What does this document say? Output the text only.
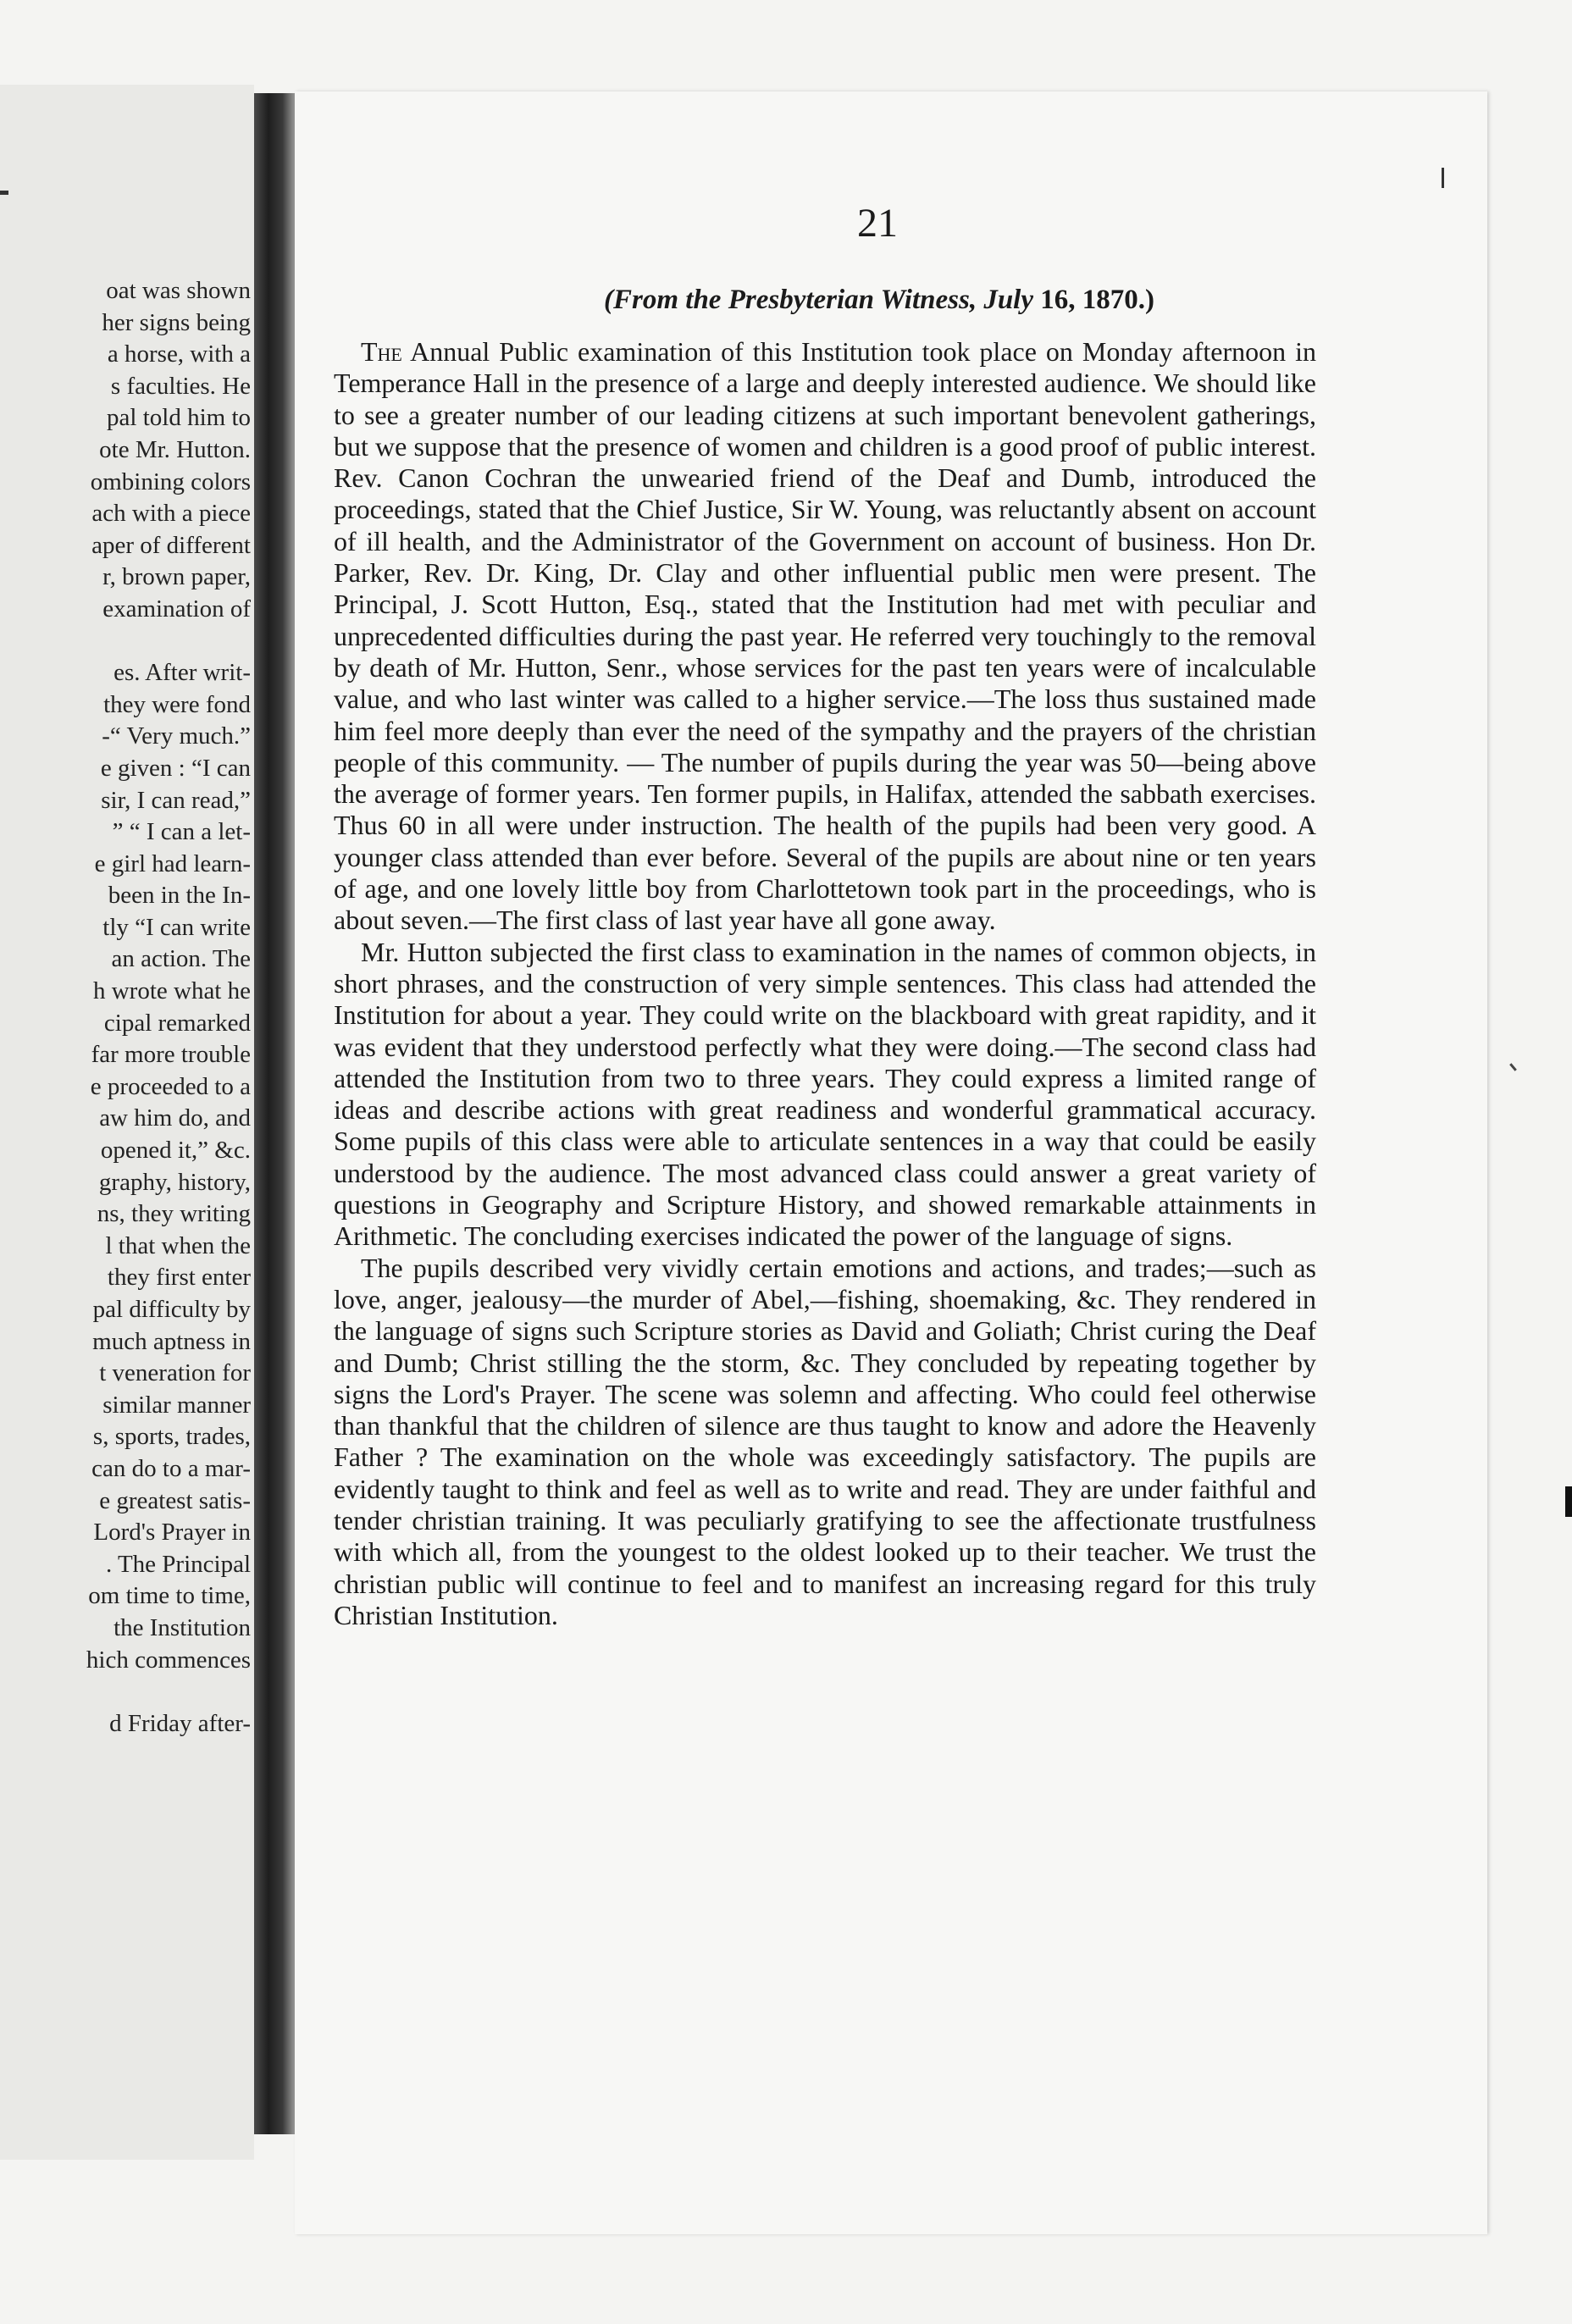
oat was shown
her signs being
a horse, with a
s faculties. He
pal told him to
ote Mr. Hutton.
ombining colors
ach with a piece
aper of different
r, brown paper,
examination of
es. After writ-
they were fond
-“ Very much.”
e given : “I can
sir, I can read,”
” “ I can a let-
e girl had learn-
been in the In-
tly “I can write
an action. The
h wrote what he
cipal remarked
far more trouble
e proceeded to a
aw him do, and
opened it,” &c.
graphy, history,
ns, they writing
l that when the
they first enter
pal difficulty by
much aptness in
t veneration for
similar manner
s, sports, trades,
can do to a mar-
e greatest satis-
Lord's Prayer in
. The Principal
om time to time,
the Institution
hich commences
d Friday after-
21
(From the Presbyterian Witness, July 16, 1870.)

The Annual Public examination of this Institution took place on Monday afternoon in Temperance Hall in the presence of a large and deeply interested audience. We should like to see a greater number of our leading citizens at such important benevolent gatherings, but we suppose that the presence of women and children is a good proof of public interest. Rev. Canon Cochran the unwearied friend of the Deaf and Dumb, introduced the proceedings, stated that the Chief Justice, Sir W. Young, was reluctantly absent on account of ill health, and the Administrator of the Government on account of business. Hon Dr. Parker, Rev. Dr. King, Dr. Clay and other influential public men were present. The Principal, J. Scott Hutton, Esq., stated that the Institution had met with peculiar and unprecedented difficulties during the past year. He referred very touchingly to the removal by death of Mr. Hutton, Senr., whose services for the past ten years were of incalculable value, and who last winter was called to a higher service.—The loss thus sustained made him feel more deeply than ever the need of the sympathy and the prayers of the christian people of this community. — The number of pupils during the year was 50—being above the average of former years. Ten former pupils, in Halifax, attended the sabbath exercises. Thus 60 in all were under instruction. The health of the pupils had been very good. A younger class attended than ever before. Several of the pupils are about nine or ten years of age, and one lovely little boy from Charlottetown took part in the proceedings, who is about seven.—The first class of last year have all gone away.

Mr. Hutton subjected the first class to examination in the names of common objects, in short phrases, and the construction of very simple sentences. This class had attended the Institution for about a year. They could write on the blackboard with great rapidity, and it was evident that they understood perfectly what they were doing.—The second class had attended the Institution from two to three years. They could express a limited range of ideas and describe actions with great readiness and wonderful grammatical accuracy. Some pupils of this class were able to articulate sentences in a way that could be easily understood by the audience. The most advanced class could answer a great variety of questions in Geography and Scripture History, and showed remarkable attainments in Arithmetic. The concluding exercises indicated the power of the language of signs.

The pupils described very vividly certain emotions and actions, and trades;—such as love, anger, jealousy—the murder of Abel,—fishing, shoemaking, &c. They rendered in the language of signs such Scripture stories as David and Goliath; Christ curing the Deaf and Dumb; Christ stilling the the storm, &c. They concluded by repeating together by signs the Lord's Prayer. The scene was solemn and affecting. Who could feel otherwise than thankful that the children of silence are thus taught to know and adore the Heavenly Father ? The examination on the whole was exceedingly satisfactory. The pupils are evidently taught to think and feel as well as to write and read. They are under faithful and tender christian training. It was peculiarly gratifying to see the affectionate trustfulness with which all, from the youngest to the oldest looked up to their teacher. We trust the christian public will continue to feel and to manifest an increasing regard for this truly Christian Institution.
